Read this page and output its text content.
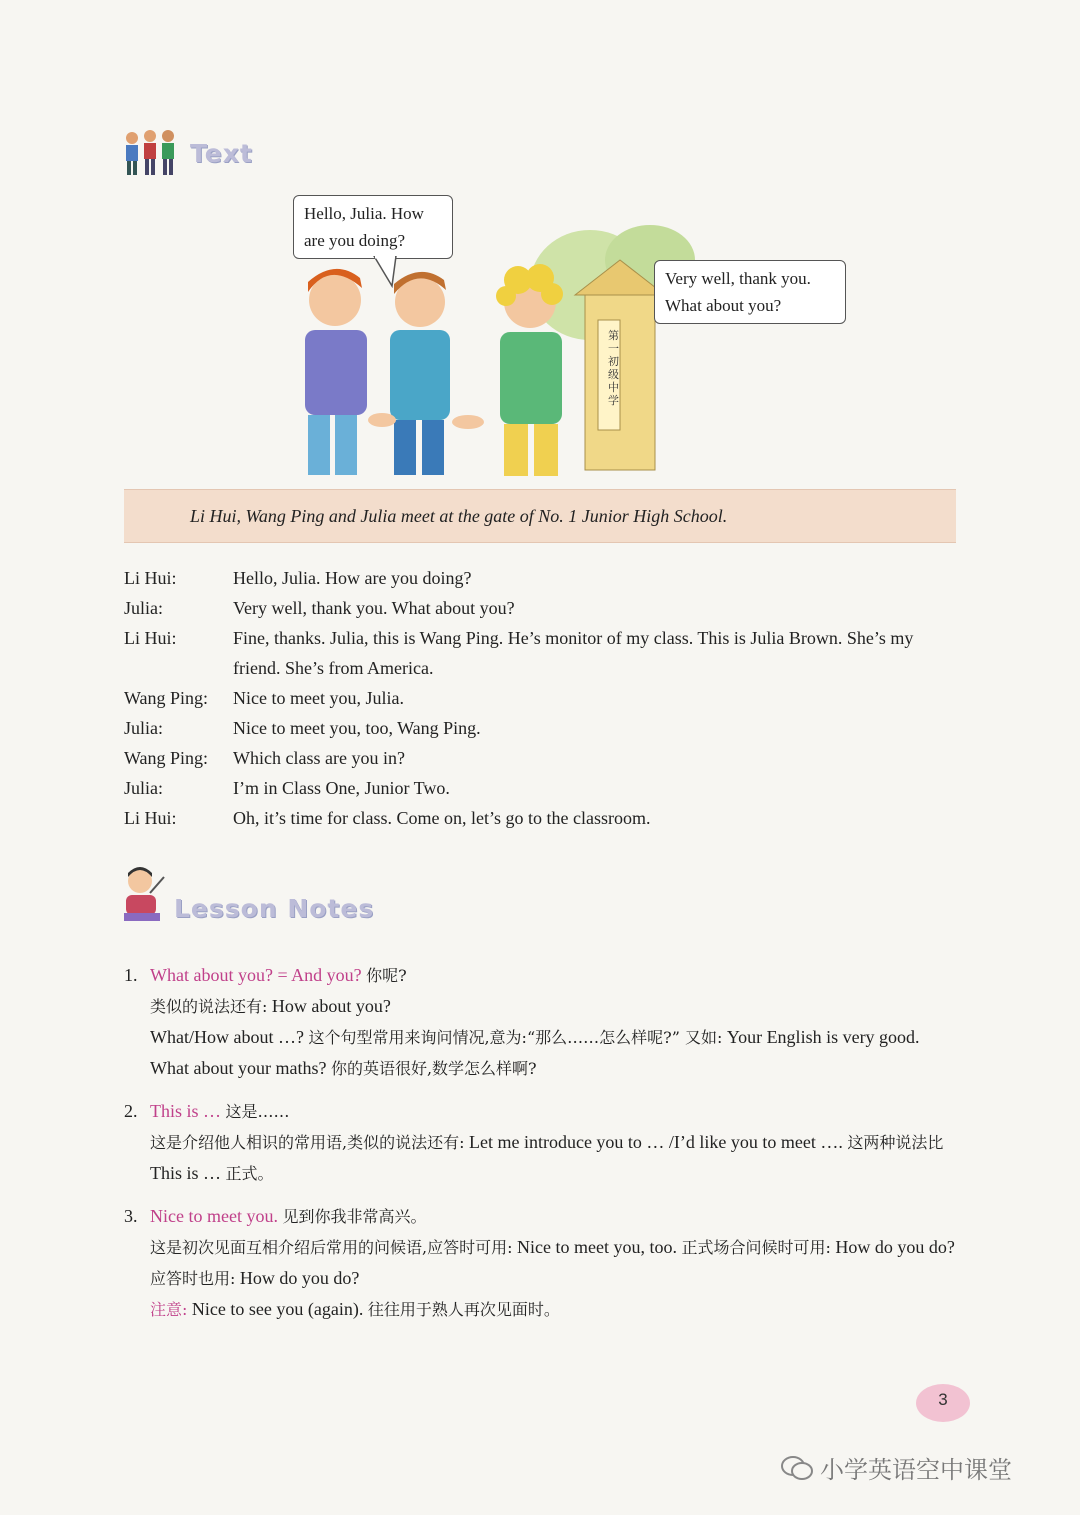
Text
第一初级中学
Hello, Julia. How
are you doing?
Very well, thank you.
What about you?
Li Hui, Wang Ping and Julia meet at the gate of No. 1 Junior High School.
Li Hui:	Hello, Julia. How are you doing?
Julia:	Very well, thank you. What about you?
Li Hui:	Fine, thanks. Julia, this is Wang Ping. He’s monitor of my class. This is Julia Brown. She’s my friend. She’s from America.
Wang Ping:	Nice to meet you, Julia.
Julia:	Nice to meet you, too, Wang Ping.
Wang Ping:	Which class are you in?
Julia:	I’m in Class One, Junior Two.
Li Hui:	Oh, it’s time for class. Come on, let’s go to the classroom.
Lesson Notes
1. What about you? = And you? 你呢?
类似的说法还有: How about you?
What/How about …? 这个句型常用来询问情况,意为:“那么……怎么样呢?” 又如: Your English is very good. What about your maths? 你的英语很好,数学怎么样啊?
2. This is … 这是……
这是介绍他人相识的常用语,类似的说法还有: Let me introduce you to … /I’d like you to meet …. 这两种说法比 This is … 正式。
3. Nice to meet you. 见到你我非常高兴。
这是初次见面互相介绍后常用的问候语,应答时可用: Nice to meet you, too. 正式场合问候时可用: How do you do? 应答时也用: How do you do?
注意: Nice to see you (again). 往往用于熟人再次见面时。
3
小学英语空中课堂
